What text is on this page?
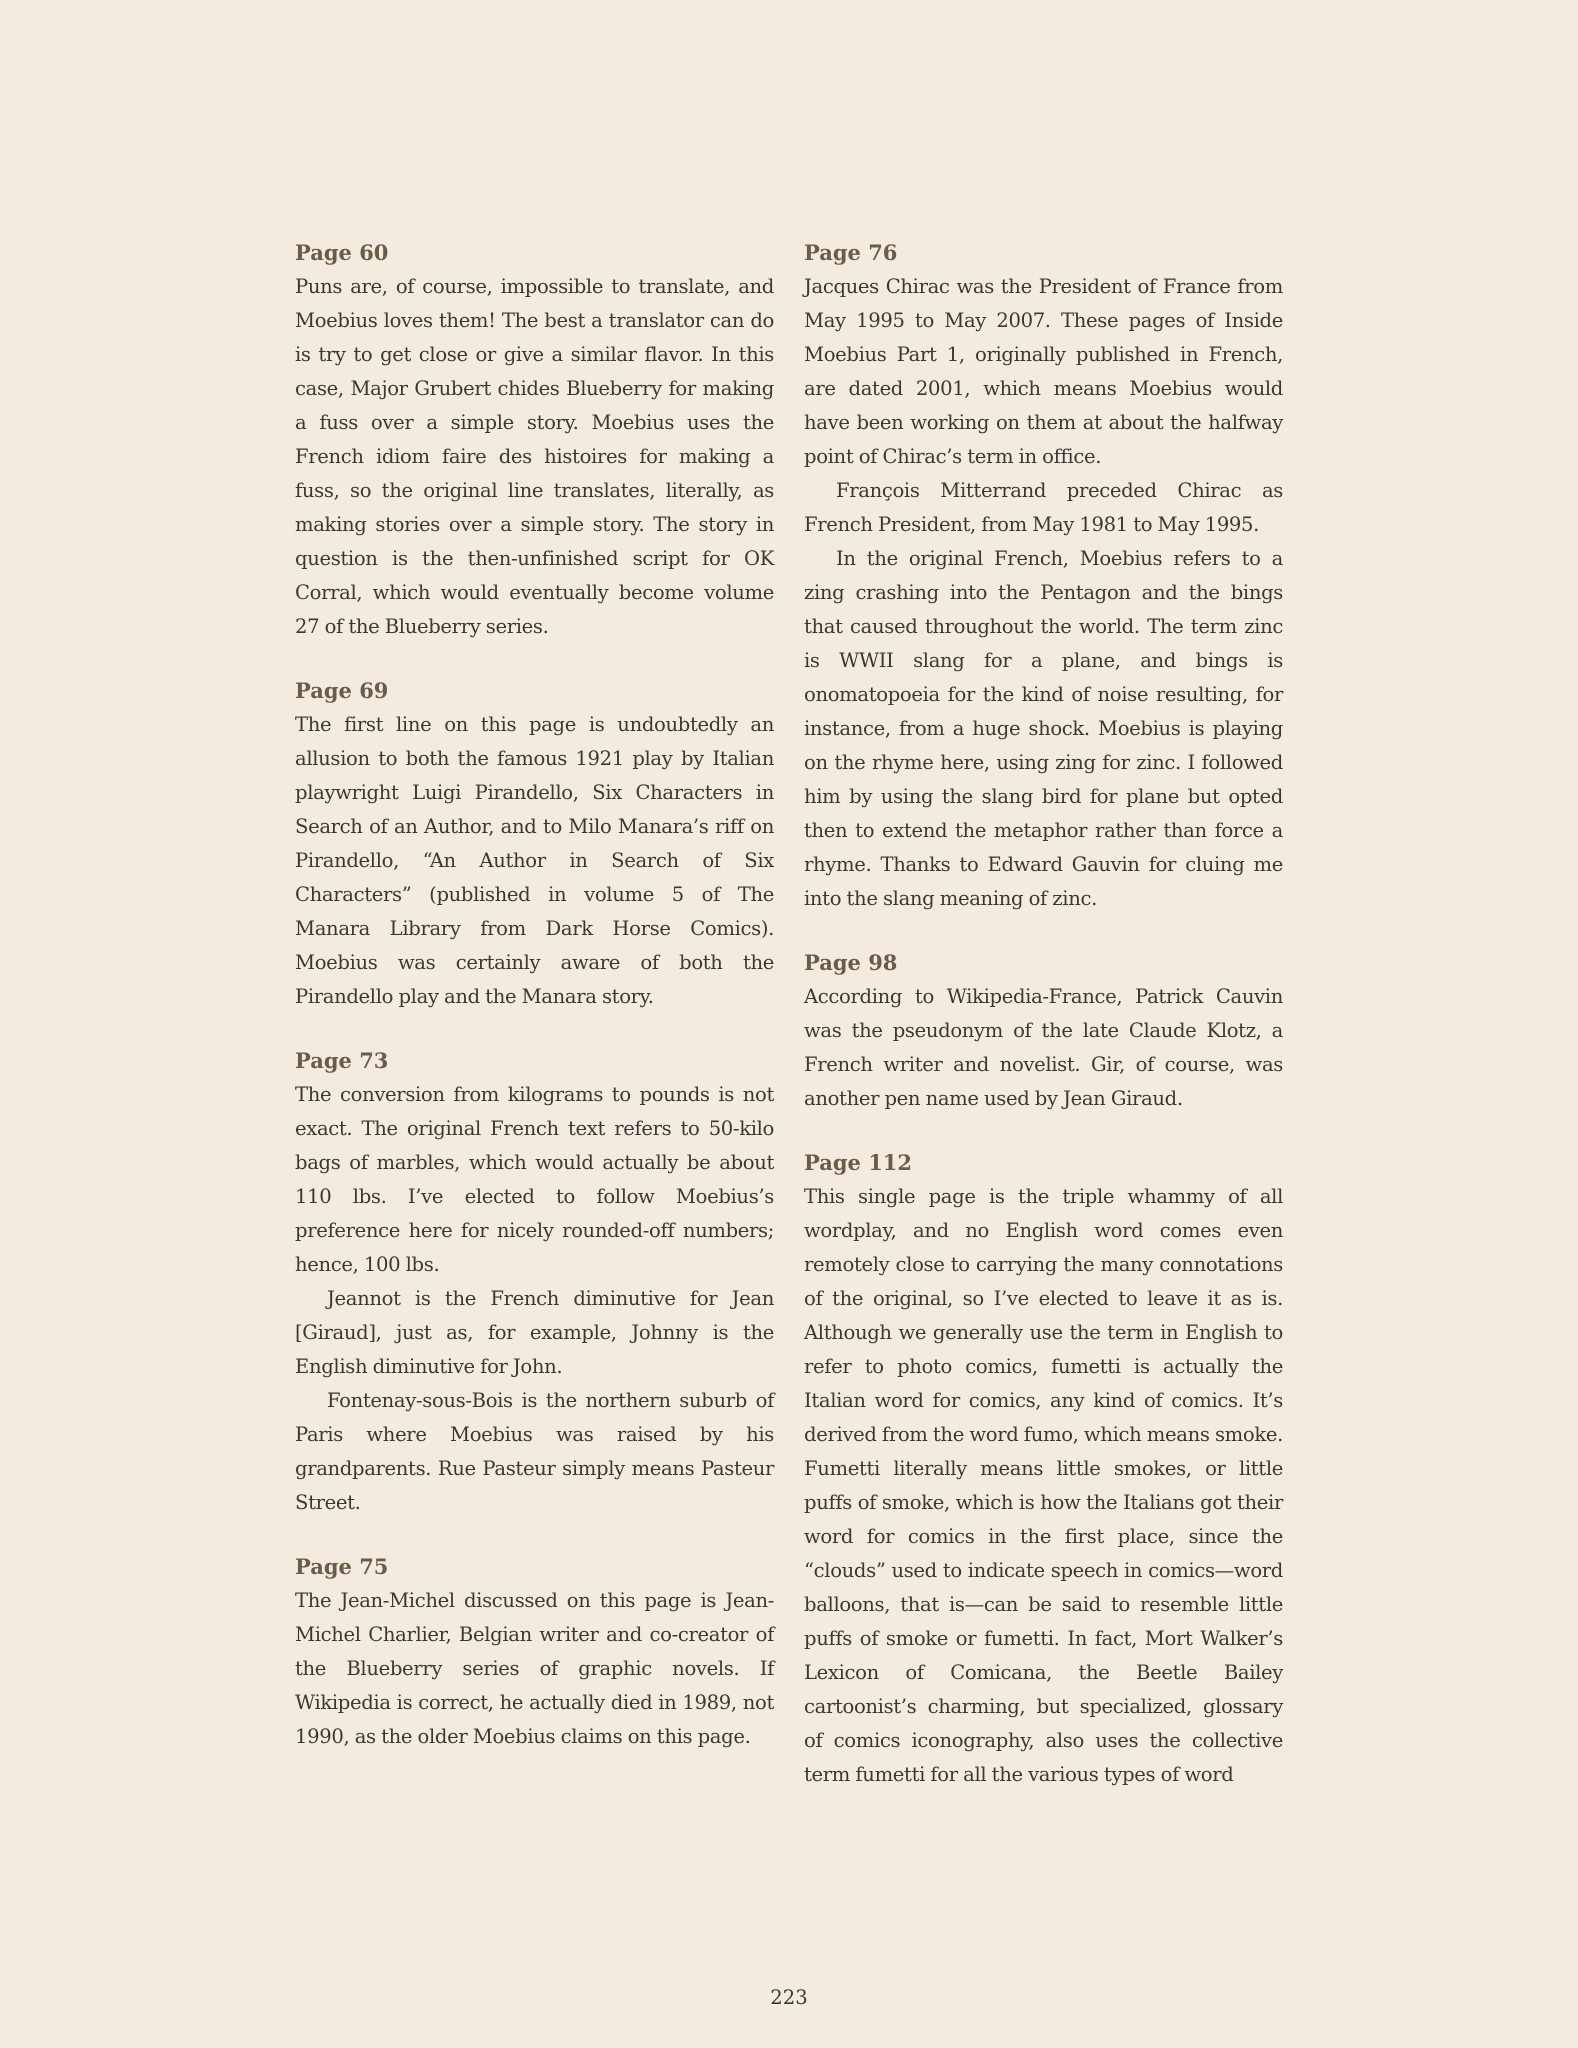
Page 60

Puns are, of course, impossible to translate, and Moebius loves them! The best a translator can do is try to get close or give a similar flavor. In this case, Major Grubert chides Blueberry for making a fuss over a simple story. Moebius uses the French idiom faire des histoires for making a fuss, so the original line translates, literally, as making stories over a simple story. The story in question is the then-unfinished script for OK Corral, which would eventually become volume 27 of the Blueberry series.

Page 69

The first line on this page is undoubtedly an allusion to both the famous 1921 play by Italian playwright Luigi Pirandello, Six Characters in Search of an Author, and to Milo Manara’s riff on Pirandello, “An Author in Search of Six Characters” (published in volume 5 of The Manara Library from Dark Horse Comics). Moebius was certainly aware of both the Pirandello play and the Manara story.

Page 73

The conversion from kilograms to pounds is not exact. The original French text refers to 50-kilo bags of marbles, which would actually be about 110 lbs. I’ve elected to follow Moebius’s preference here for nicely rounded-off numbers; hence, 100 lbs.

Jeannot is the French diminutive for Jean [Giraud], just as, for example, Johnny is the English diminutive for John.

Fontenay-sous-Bois is the northern suburb of Paris where Moebius was raised by his grandparents. Rue Pasteur simply means Pasteur Street.

Page 75

The Jean-Michel discussed on this page is Jean-Michel Charlier, Belgian writer and co-creator of the Blueberry series of graphic novels. If Wikipedia is correct, he actually died in 1989, not 1990, as the older Moebius claims on this page.

Page 76

Jacques Chirac was the President of France from May 1995 to May 2007. These pages of Inside Moebius Part 1, originally published in French, are dated 2001, which means Moebius would have been working on them at about the halfway point of Chirac’s term in office.

François Mitterrand preceded Chirac as French President, from May 1981 to May 1995.

In the original French, Moebius refers to a zing crashing into the Pentagon and the bings that caused throughout the world. The term zinc is WWII slang for a plane, and bings is onomatopoeia for the kind of noise resulting, for instance, from a huge shock. Moebius is playing on the rhyme here, using zing for zinc. I followed him by using the slang bird for plane but opted then to extend the metaphor rather than force a rhyme. Thanks to Edward Gauvin for cluing me into the slang meaning of zinc.

Page 98

According to Wikipedia-France, Patrick Cauvin was the pseudonym of the late Claude Klotz, a French writer and novelist. Gir, of course, was another pen name used by Jean Giraud.

Page 112

This single page is the triple whammy of all wordplay, and no English word comes even remotely close to carrying the many connotations of the original, so I’ve elected to leave it as is. Although we generally use the term in English to refer to photo comics, fumetti is actually the Italian word for comics, any kind of comics. It’s derived from the word fumo, which means smoke. Fumetti literally means little smokes, or little puffs of smoke, which is how the Italians got their word for comics in the first place, since the “clouds” used to indicate speech in comics—word balloons, that is—can be said to resemble little puffs of smoke or fumetti. In fact, Mort Walker’s Lexicon of Comicana, the Beetle Bailey cartoonist’s charming, but specialized, glossary of comics iconography, also uses the collective term fumetti for all the various types of word

223
